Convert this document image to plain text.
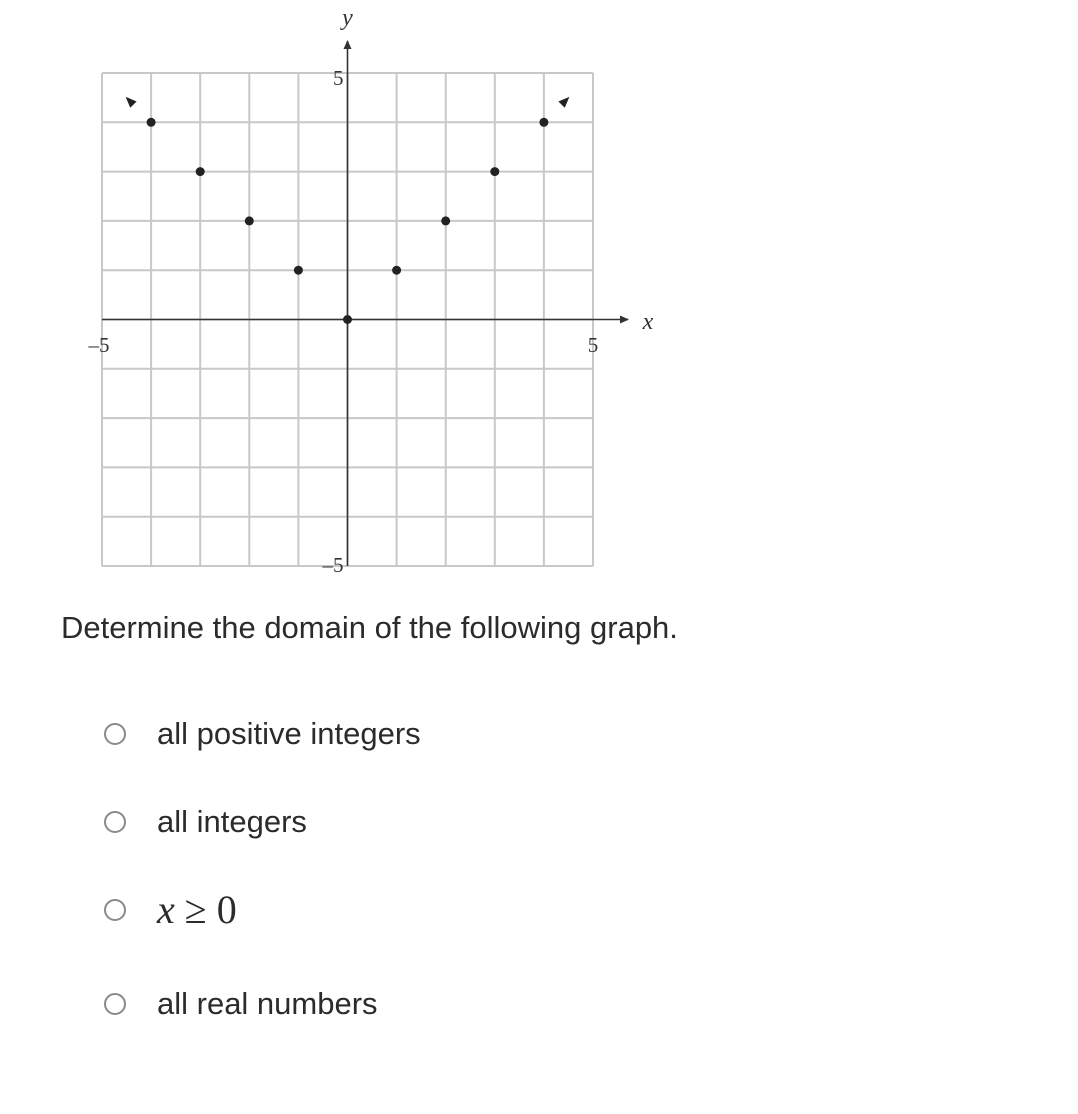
y
x
–5	5
5
–5

Determine the domain of the following graph.

all positive integers
all integers
x ≥ 0
all real numbers
